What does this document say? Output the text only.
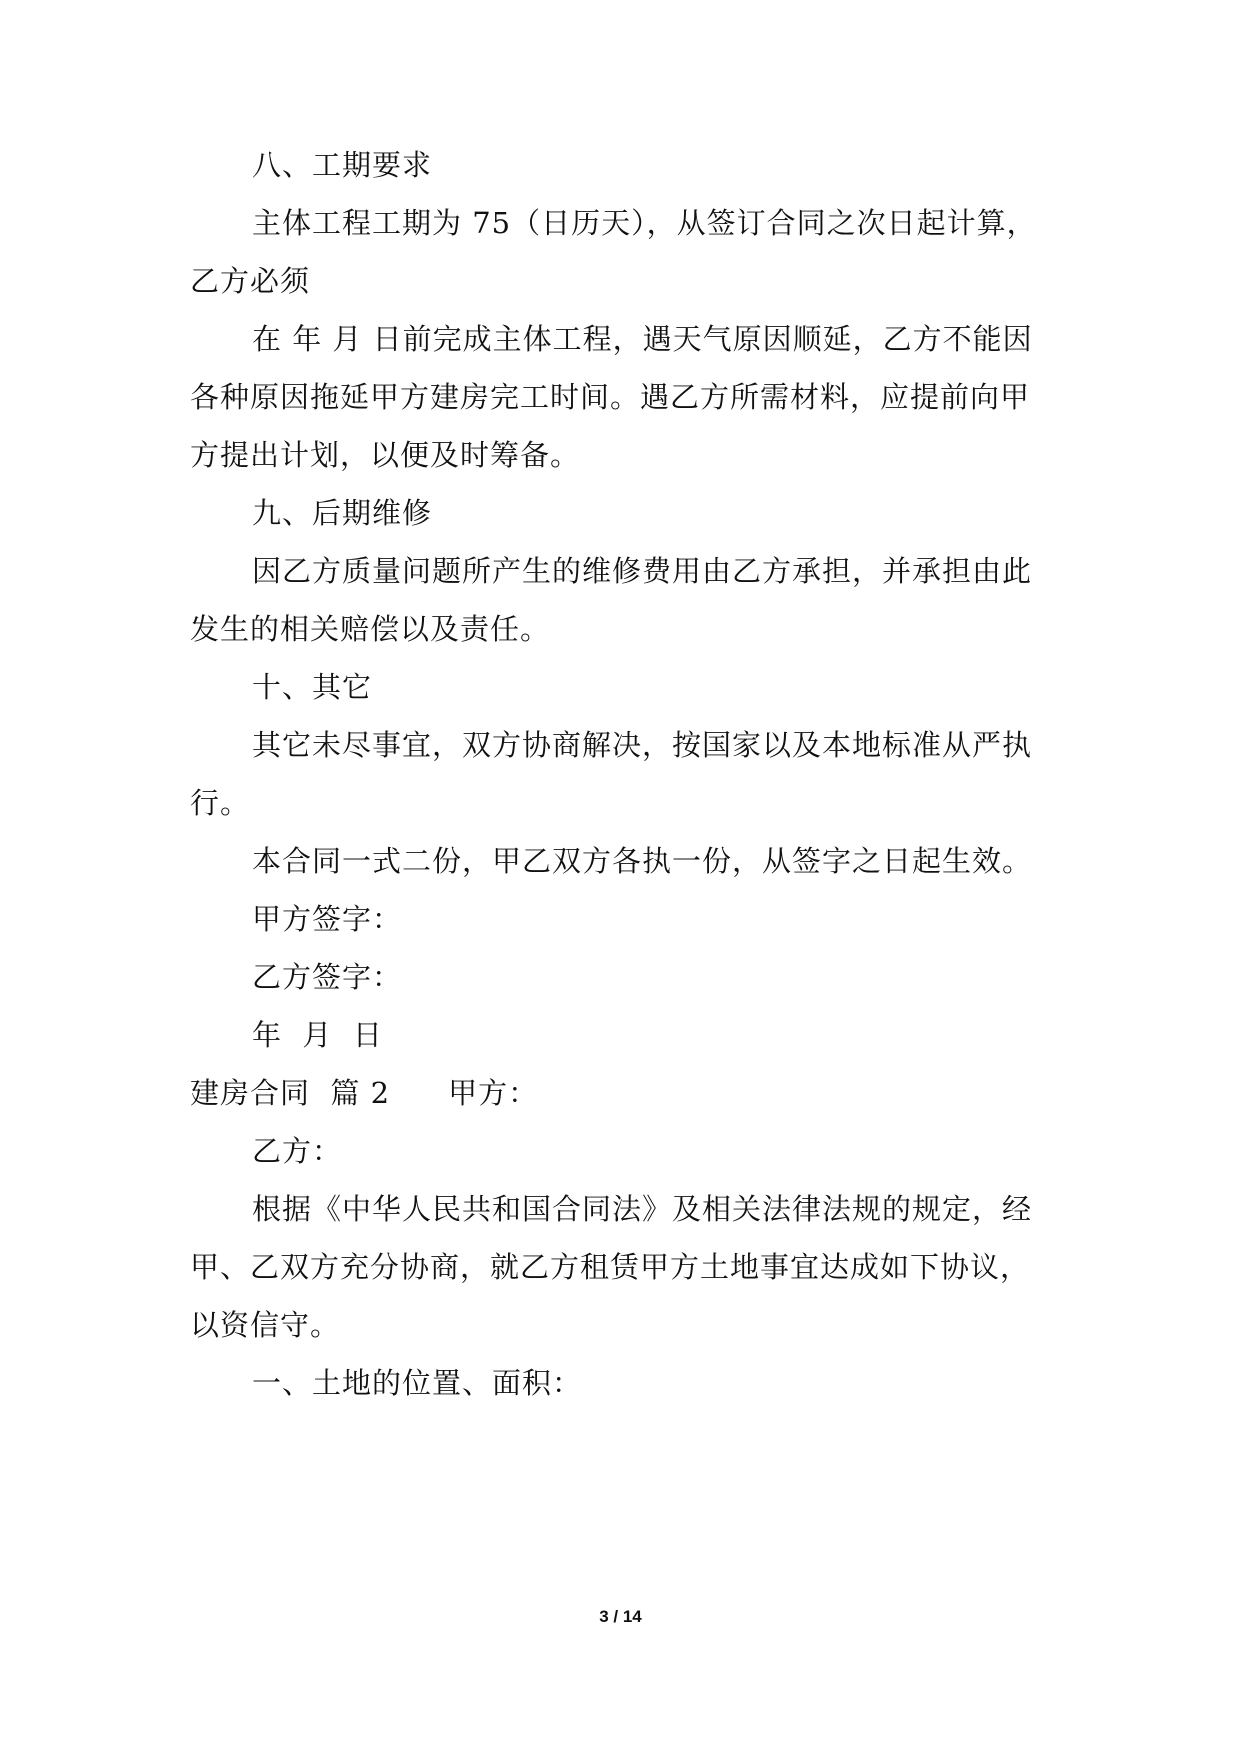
八、工期要求
主体工程工期为 75（日历天），从签订合同之次日起计算，
乙方必须
在 年 月 日前完成主体工程，遇天气原因顺延，乙方不能因
各种原因拖延甲方建房完工时间。遇乙方所需材料，应提前向甲
方提出计划，以便及时筹备。
九、后期维修
因乙方质量问题所产生的维修费用由乙方承担，并承担由此
发生的相关赔偿以及责任。
十、其它
其它未尽事宜，双方协商解决，按国家以及本地标准从严执
行。
本合同一式二份，甲乙双方各执一份，从签字之日起生效。
甲方签字：
乙方签字：
年  月  日
建房合同  篇 2 甲方：
乙方：
根据《中华人民共和国合同法》及相关法律法规的规定，经
甲、乙双方充分协商，就乙方租赁甲方土地事宜达成如下协议，
以资信守。
一、土地的位置、面积：
3 / 14
